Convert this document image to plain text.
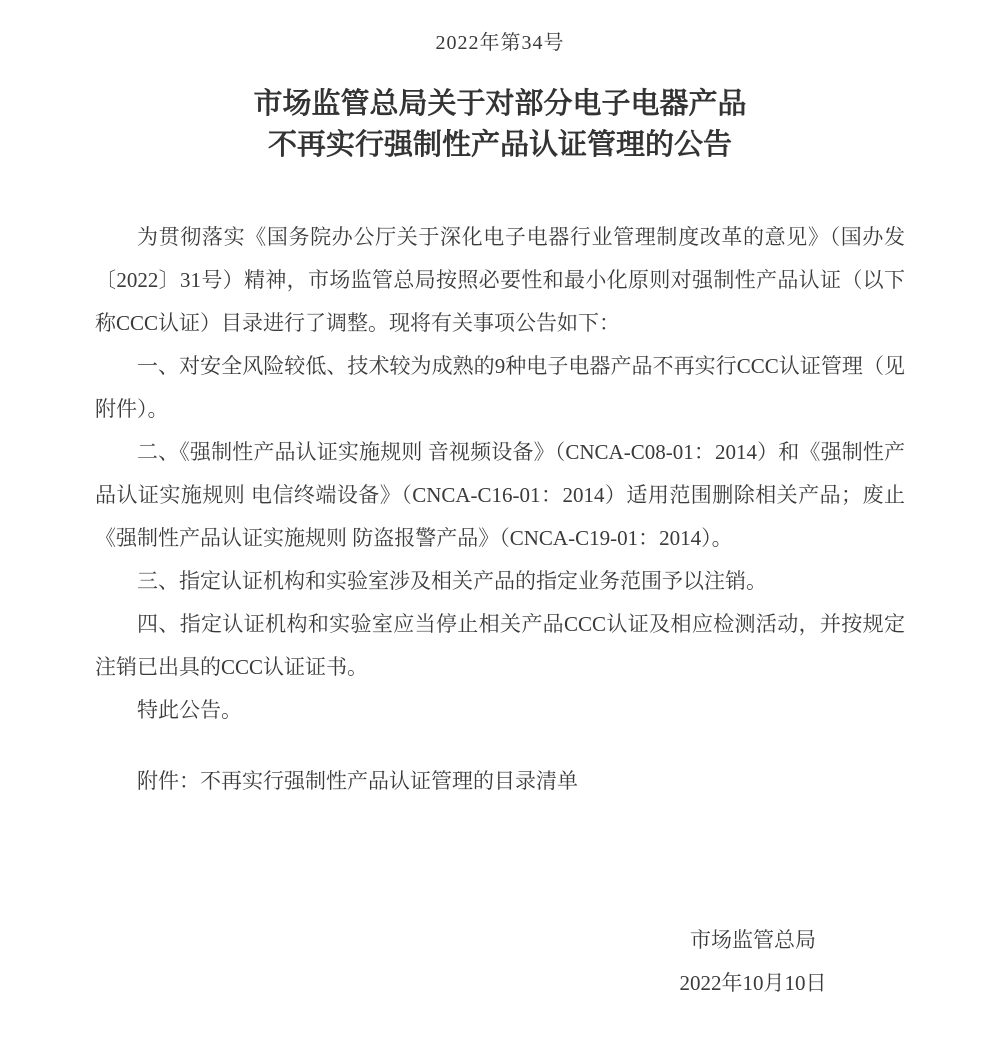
2022年第34号
市场监管总局关于对部分电子电器产品
不再实行强制性产品认证管理的公告

为贯彻落实《国务院办公厅关于深化电子电器行业管理制度改革的意见》（国办发〔2022〕31号）精神，市场监管总局按照必要性和最小化原则对强制性产品认证（以下称CCC认证）目录进行了调整。现将有关事项公告如下：

一、对安全风险较低、技术较为成熟的9种电子电器产品不再实行CCC认证管理（见附件）。

二、《强制性产品认证实施规则 音视频设备》（CNCA-C08-01：2014）和《强制性产品认证实施规则 电信终端设备》（CNCA-C16-01：2014）适用范围删除相关产品；废止《强制性产品认证实施规则 防盗报警产品》（CNCA-C19-01：2014）。

三、指定认证机构和实验室涉及相关产品的指定业务范围予以注销。

四、指定认证机构和实验室应当停止相关产品CCC认证及相应检测活动，并按规定注销已出具的CCC认证证书。

特此公告。

附件：不再实行强制性产品认证管理的目录清单

市场监管总局
2022年10月10日
